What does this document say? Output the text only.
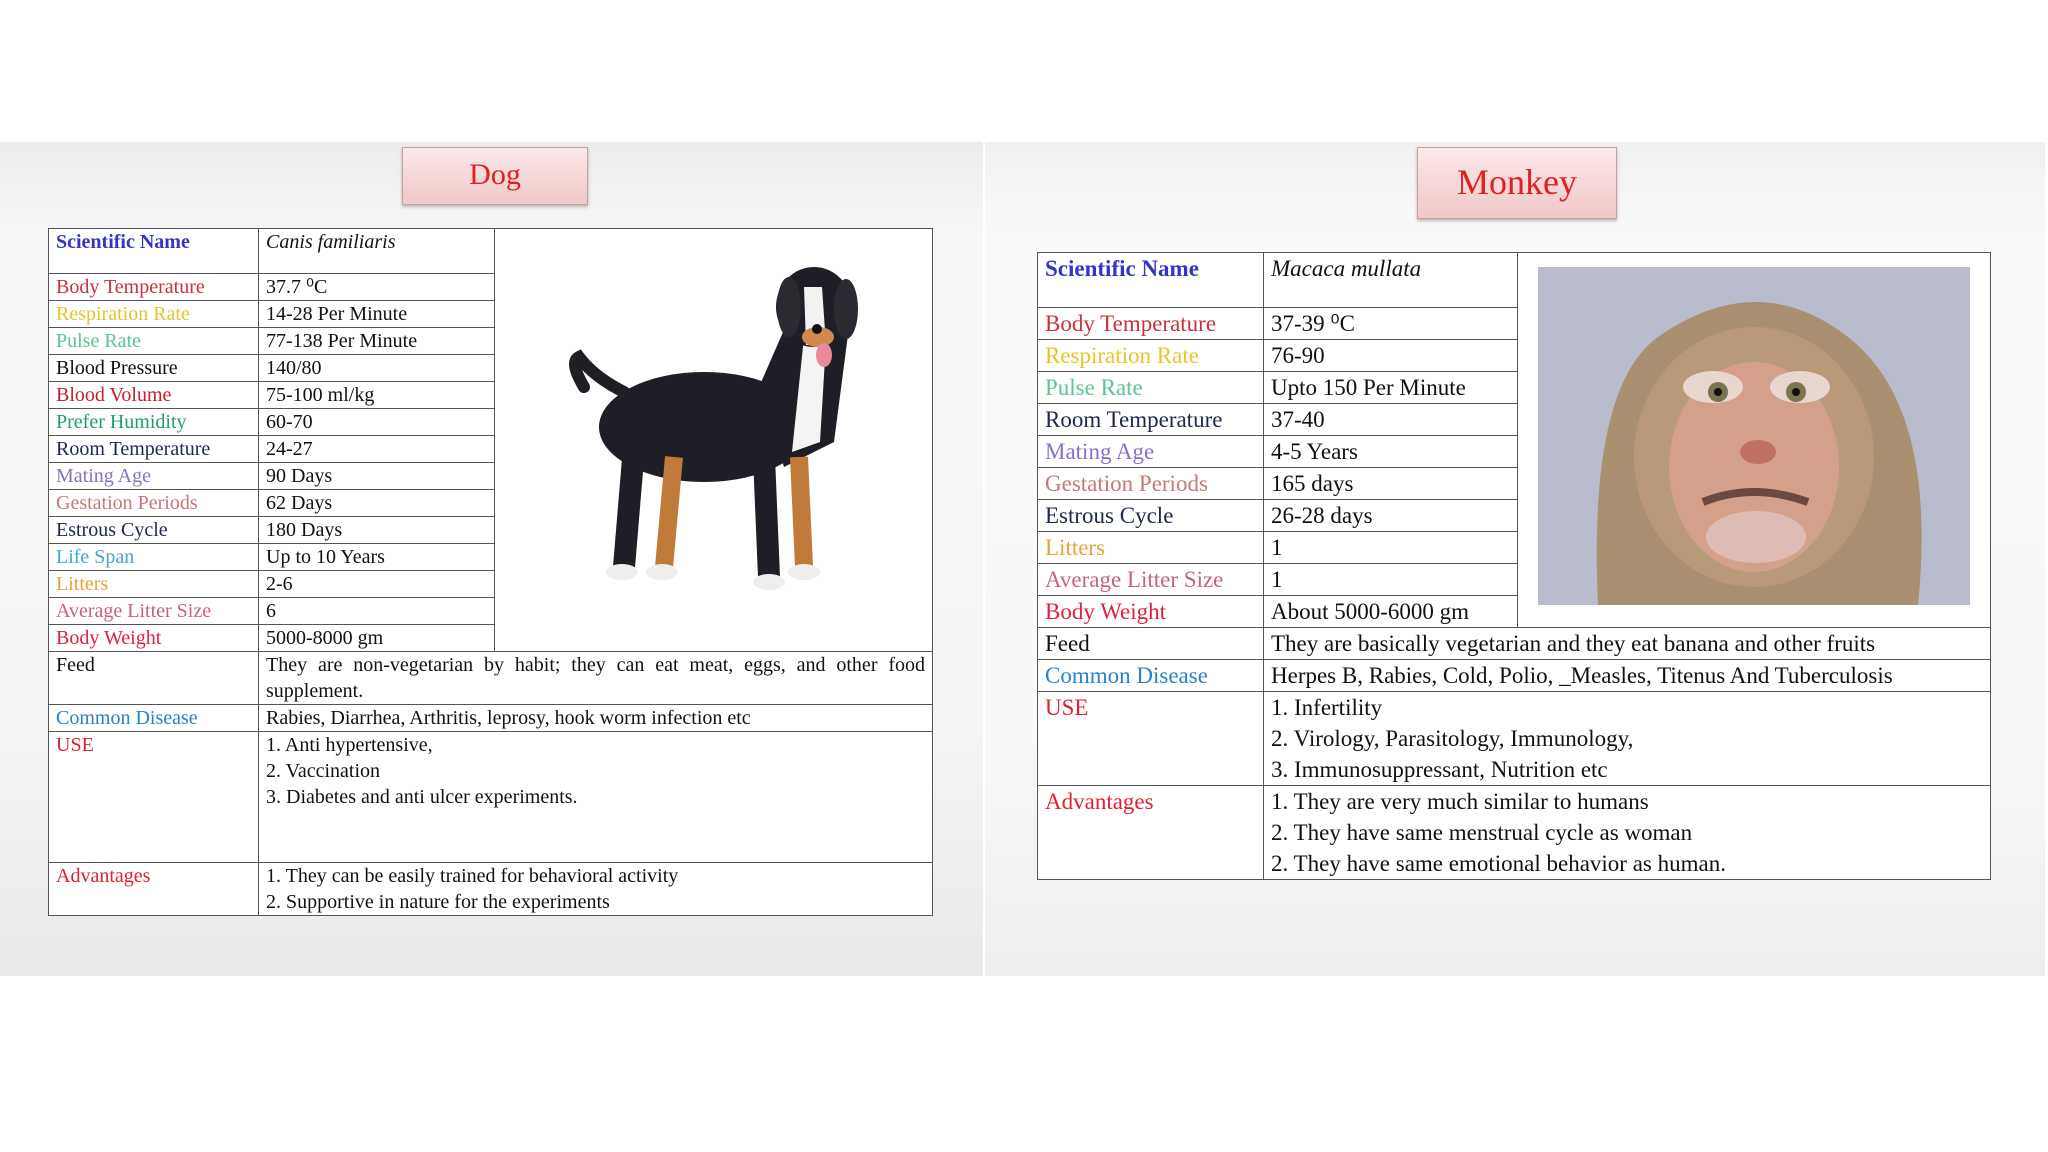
Dog
Scientific Name	Canis familiaris	
Body Temperature	37.7 ⁰C	
Respiration Rate	14-28 Per Minute	
Pulse Rate	77-138 Per Minute	
Blood Pressure	140/80	
Blood Volume	75-100 ml/kg	
Prefer Humidity	60-70	
Room Temperature	24-27	
Mating Age	90 Days	
Gestation Periods	62 Days	
Estrous Cycle	180 Days	
Life Span	Up to 10 Years	
Litters	2-6	
Average Litter Size	6	
Body Weight	5000-8000 gm	
Feed	They are non-vegetarian by habit; they can eat meat, eggs, and other food supplement.	

Common Disease	Rabies, Diarrhea, Arthritis, leprosy, hook worm infection etc	

USE	1. Anti hypertensive,
2. Vaccination
3. Diabetes and anti ulcer experiments.	

Advantages	1. They can be easily trained for behavioral activity
2. Supportive in nature for the experiments	
Monkey
Scientific Name	Macaca mullata	
Body Temperature	37-39 ⁰C	
Respiration Rate	76-90	
Pulse Rate	Upto 150 Per Minute	
Room Temperature	37-40	
Mating Age	4-5 Years	
Gestation Periods	165 days	
Estrous Cycle	26-28 days	
Litters	1	
Average Litter Size	1	
Body Weight	About 5000-6000 gm	
Feed	They are basically vegetarian and they eat banana and other fruits	

Common Disease	Herpes B, Rabies, Cold, Polio, _Measles, Titenus And Tuberculosis	

USE	1. Infertility
2. Virology, Parasitology, Immunology,
3. Immunosuppressant, Nutrition etc	

Advantages	1. They are very much similar to humans
2. They have same menstrual cycle as woman
2. They have same emotional behavior as human.	
